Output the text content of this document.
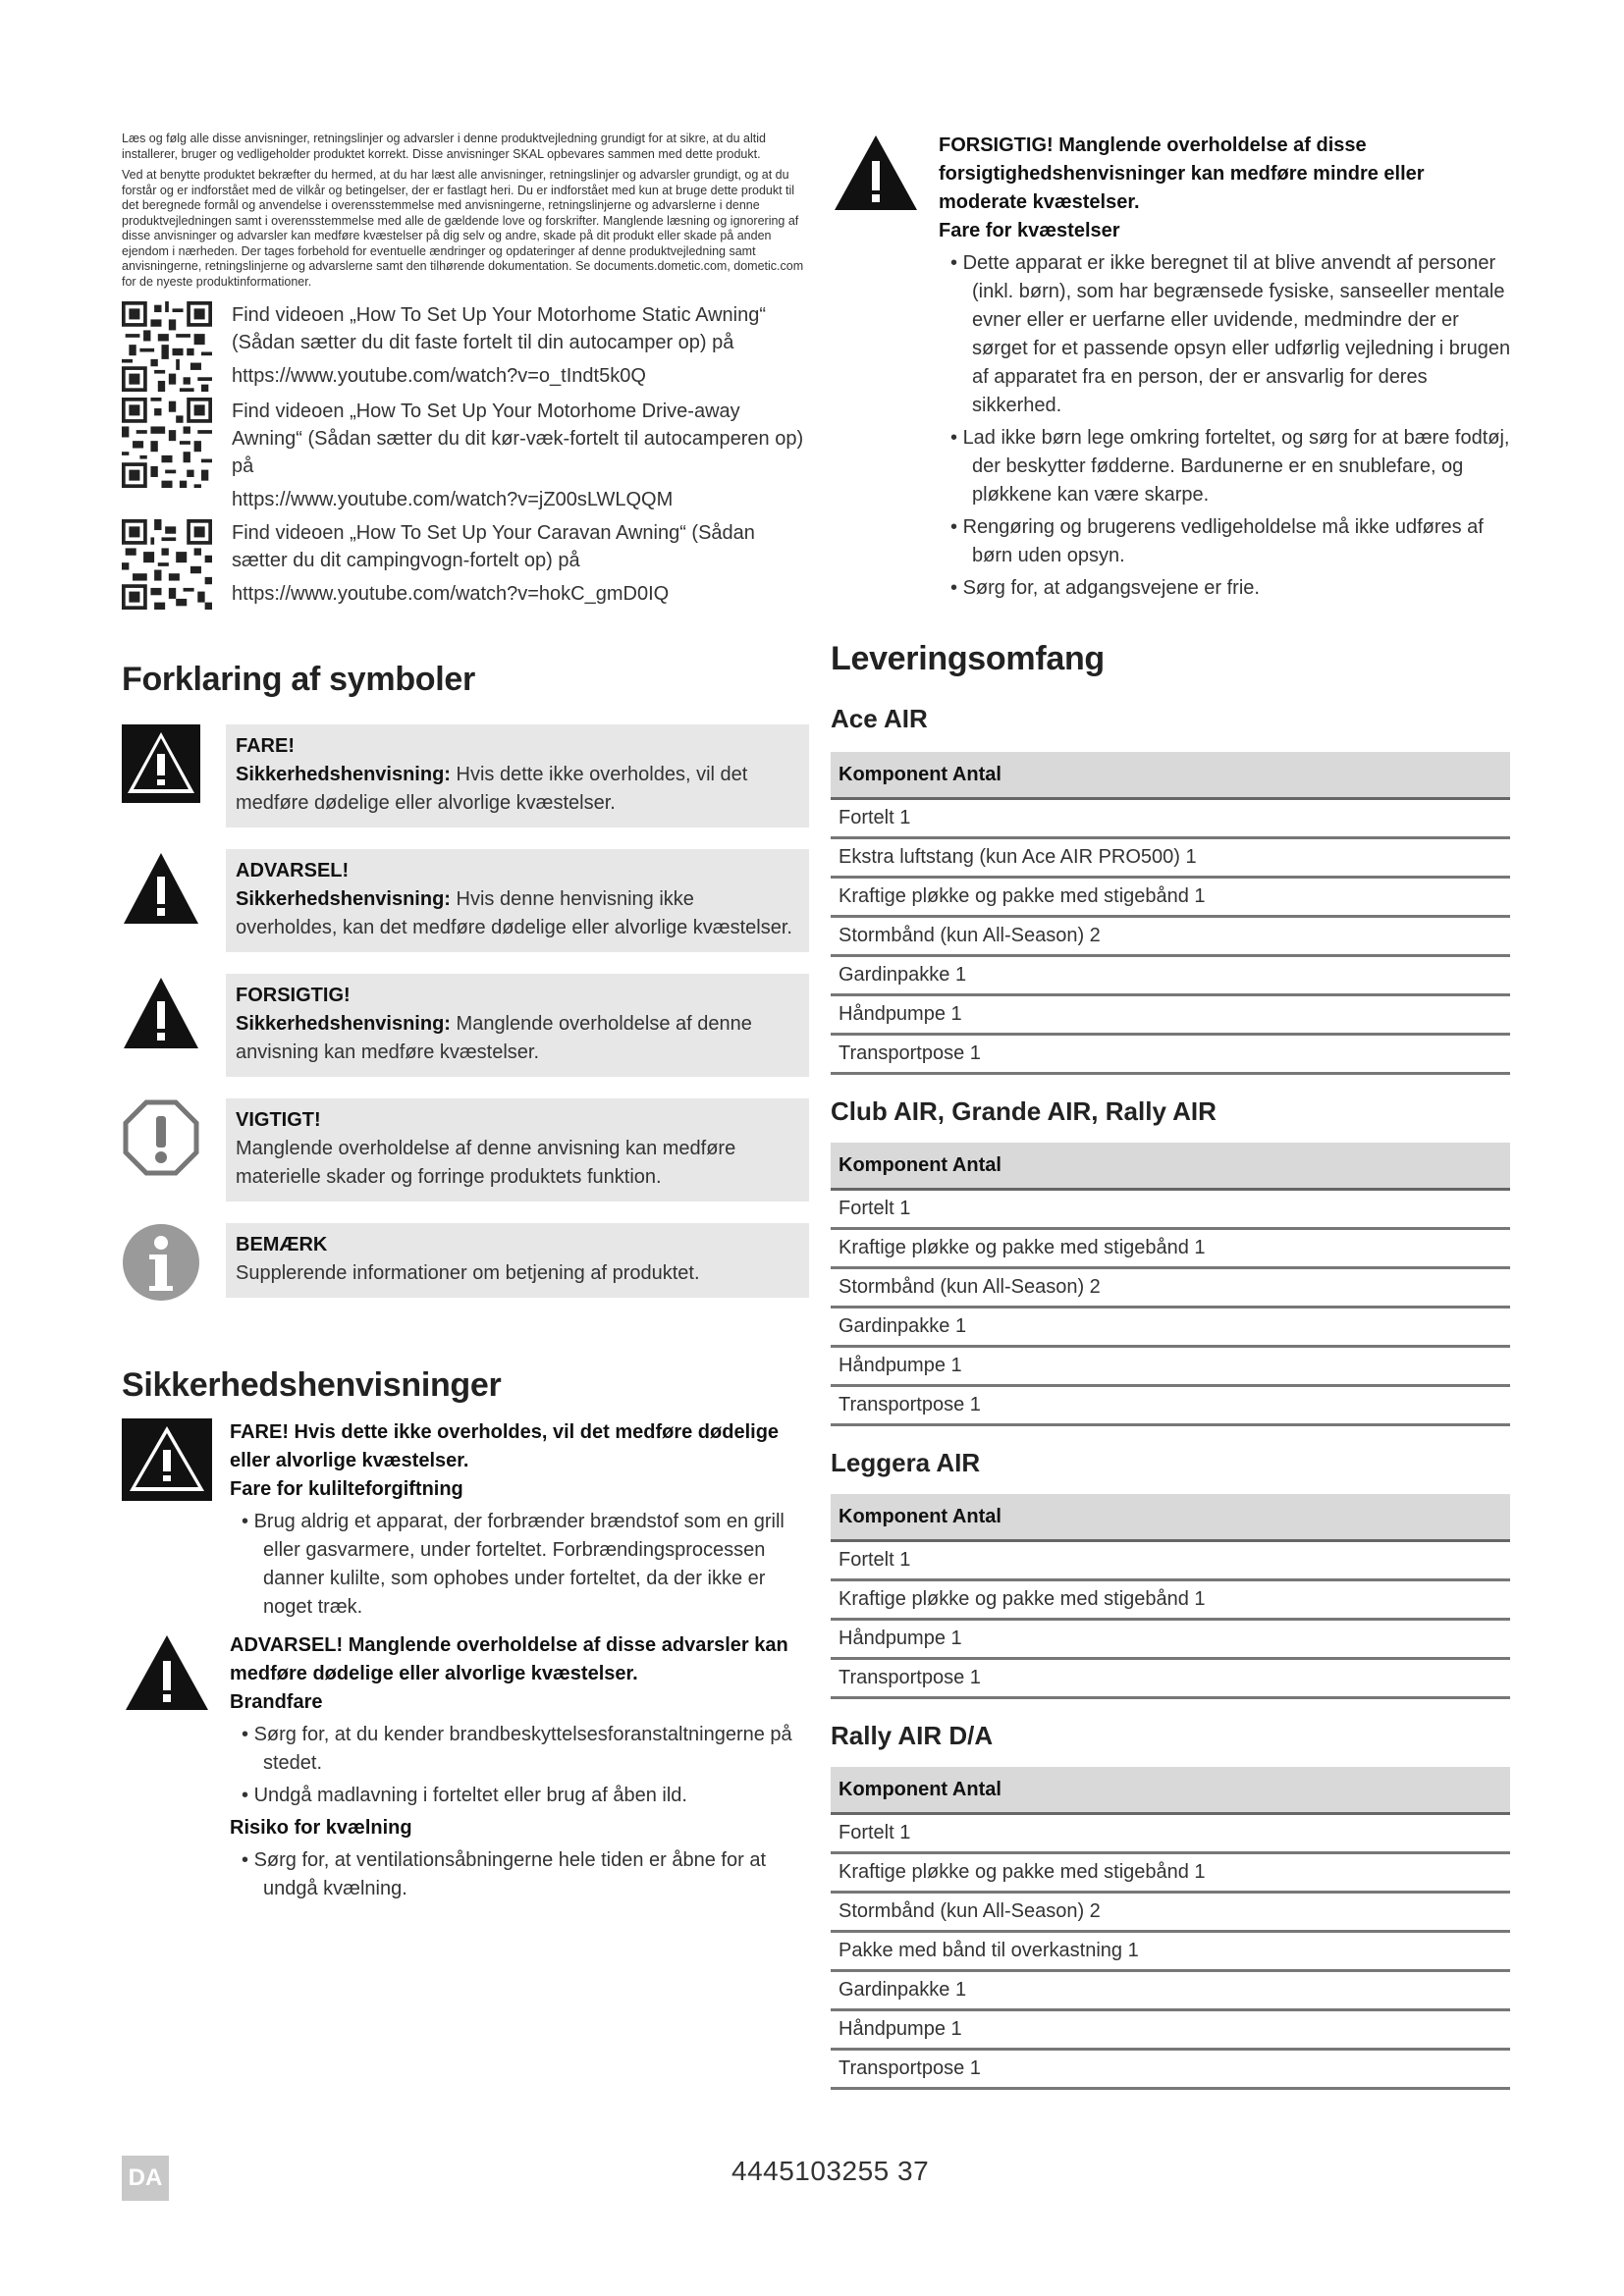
Læs og følg alle disse anvisninger, retningslinjer og advarsler i denne produktvejledning grundigt for at sikre, at du altid installerer, bruger og vedligeholder produktet korrekt. Disse anvisninger SKAL opbevares sammen med dette produkt.

Ved at benytte produktet bekræfter du hermed, at du har læst alle anvisninger, retningslinjer og advarsler grundigt, og at du forstår og er indforstået med de vilkår og betingelser, der er fastlagt heri. Du er indforstået med kun at bruge dette produkt til det beregnede formål og anvendelse i overensstemmelse med anvisningerne, retningslinjerne og advarslerne i denne produktvejledningen samt i overensstemmelse med alle de gældende love og forskrifter. Manglende læsning og ignorering af disse anvisninger og advarsler kan medføre kvæstelser på dig selv og andre, skade på dit produkt eller skade på anden ejendom i nærheden. Der tages forbehold for eventuelle ændringer og opdateringer af denne produktvejledning samt anvisningerne, retningslinjerne og advarslerne samt den tilhørende dokumentation. Se documents.dometic.com, dometic.com for de nyeste produktinformationer.

Find videoen „How To Set Up Your Motorhome Static Awning“ (Sådan sætter du dit faste fortelt til din autocamper op) på
https://www.youtube.com/watch?v=o_tIndt5k0Q
Find videoen „How To Set Up Your Motorhome Drive-away Awning“ (Sådan sætter du dit kør-væk-fortelt til autocamperen op) på
https://www.youtube.com/watch?v=jZ00sLWLQQM
Find videoen „How To Set Up Your Caravan Awning“ (Sådan sætter du dit campingvogn-fortelt op) på
https://www.youtube.com/watch?v=hokC_gmD0IQ
Forklaring af symboler
FARE!
Sikkerhedshenvisning: Hvis dette ikke overholdes, vil det medføre dødelige eller alvorlige kvæstelser.
ADVARSEL!
Sikkerhedshenvisning: Hvis denne henvisning ikke overholdes, kan det medføre dødelige eller alvorlige kvæstelser.
FORSIGTIG!
Sikkerhedshenvisning: Manglende overholdelse af denne anvisning kan medføre kvæstelser.
VIGTIGT!
Manglende overholdelse af denne anvisning kan medføre materielle skader og forringe produktets funktion.
BEMÆRK
Supplerende informationer om betjening af produktet.
Sikkerhedshenvisninger
FARE! Hvis dette ikke overholdes, vil det medføre dødelige eller alvorlige kvæstelser.
Fare for kulilteforgiftning
• Brug aldrig et apparat, der forbrænder brændstof som en grill eller gasvarmere, under forteltet. Forbrændingsprocessen danner kulilte, som ophobes under forteltet, da der ikke er noget træk.
ADVARSEL! Manglende overholdelse af disse advarsler kan medføre dødelige eller alvorlige kvæstelser.
Brandfare
• Sørg for, at du kender brandbeskyttelsesforanstaltningerne på stedet.
• Undgå madlavning i forteltet eller brug af åben ild.
Risiko for kvælning
• Sørg for, at ventilationsåbningerne hele tiden er åbne for at undgå kvælning.
FORSIGTIG! Manglende overholdelse af disse forsigtighedshenvisninger kan medføre mindre eller moderate kvæstelser.
Fare for kvæstelser
• Dette apparat er ikke beregnet til at blive anvendt af personer (inkl. børn), som har begrænsede fysiske, sanseeller mentale evner eller er uerfarne eller uvidende, medmindre der er sørget for et passende opsyn eller udførlig vejledning i brugen af apparatet fra en person, der er ansvarlig for deres sikkerhed.
• Lad ikke børn lege omkring forteltet, og sørg for at bære fodtøj, der beskytter fødderne. Bardunerne er en snublefare, og pløkkene kan være skarpe.
• Rengøring og brugerens vedligeholdelse må ikke udføres af børn uden opsyn.
• Sørg for, at adgangsvejene er frie.
Leveringsomfang
Ace AIR
Komponent Antal
Fortelt 1
Ekstra luftstang (kun Ace AIR PRO500) 1
Kraftige pløkke og pakke med stigebånd 1
Stormbånd (kun All-Season) 2
Gardinpakke 1
Håndpumpe 1
Transportpose 1
Club AIR, Grande AIR, Rally AIR
Komponent Antal
Fortelt 1
Kraftige pløkke og pakke med stigebånd 1
Stormbånd (kun All-Season) 2
Gardinpakke 1
Håndpumpe 1
Transportpose 1
Leggera AIR
Komponent Antal
Fortelt 1
Kraftige pløkke og pakke med stigebånd 1
Håndpumpe 1
Transportpose 1
Rally AIR D/A
Komponent Antal
Fortelt 1
Kraftige pløkke og pakke med stigebånd 1
Stormbånd (kun All-Season) 2
Pakke med bånd til overkastning 1
Gardinpakke 1
Håndpumpe 1
Transportpose 1
DA	4445103255 37
